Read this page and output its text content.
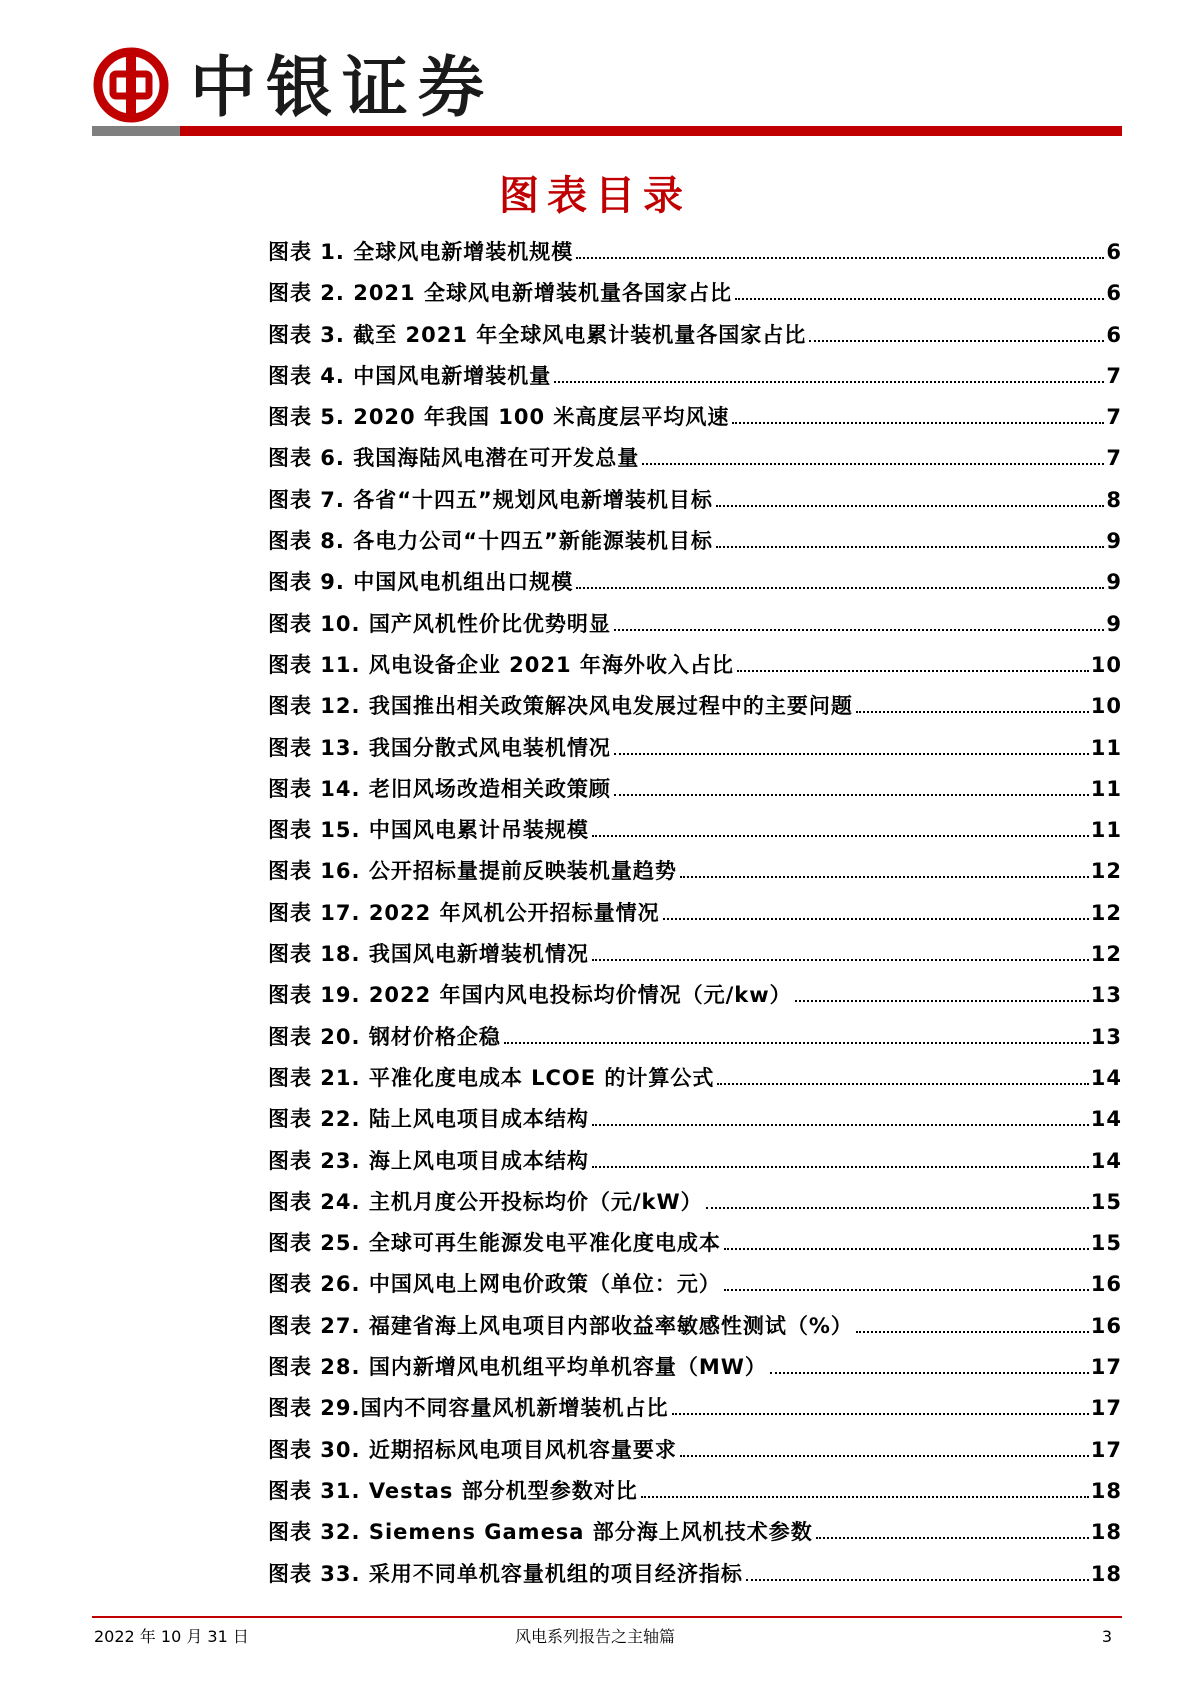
中银证券
图表目录
图表 1. 全球风电新增装机规模	6
图表 2. 2021 全球风电新增装机量各国家占比	6
图表 3. 截至 2021 年全球风电累计装机量各国家占比	6
图表 4. 中国风电新增装机量	7
图表 5. 2020 年我国 100 米高度层平均风速	7
图表 6. 我国海陆风电潜在可开发总量	7
图表 7. 各省“十四五”规划风电新增装机目标	8
图表 8. 各电力公司“十四五”新能源装机目标	9
图表 9. 中国风电机组出口规模	9
图表 10. 国产风机性价比优势明显	9
图表 11. 风电设备企业 2021 年海外收入占比	10
图表 12. 我国推出相关政策解决风电发展过程中的主要问题	10
图表 13. 我国分散式风电装机情况	11
图表 14. 老旧风场改造相关政策顾	11
图表 15. 中国风电累计吊装规模	11
图表 16. 公开招标量提前反映装机量趋势	12
图表 17. 2022 年风机公开招标量情况	12
图表 18. 我国风电新增装机情况	12
图表 19. 2022 年国内风电投标均价情况（元/kw）	13
图表 20. 钢材价格企稳	13
图表 21. 平准化度电成本 LCOE 的计算公式	14
图表 22. 陆上风电项目成本结构	14
图表 23. 海上风电项目成本结构	14
图表 24. 主机月度公开投标均价（元/kW）	15
图表 25. 全球可再生能源发电平准化度电成本	15
图表 26. 中国风电上网电价政策（单位：元）	16
图表 27. 福建省海上风电项目内部收益率敏感性测试（%）	16
图表 28. 国内新增风电机组平均单机容量（MW）	17
图表 29.国内不同容量风机新增装机占比	17
图表 30. 近期招标风电项目风机容量要求	17
图表 31. Vestas 部分机型参数对比	18
图表 32. Siemens Gamesa 部分海上风机技术参数	18
图表 33. 采用不同单机容量机组的项目经济指标	18
2022 年 10 月 31 日	风电系列报告之主轴篇	3
